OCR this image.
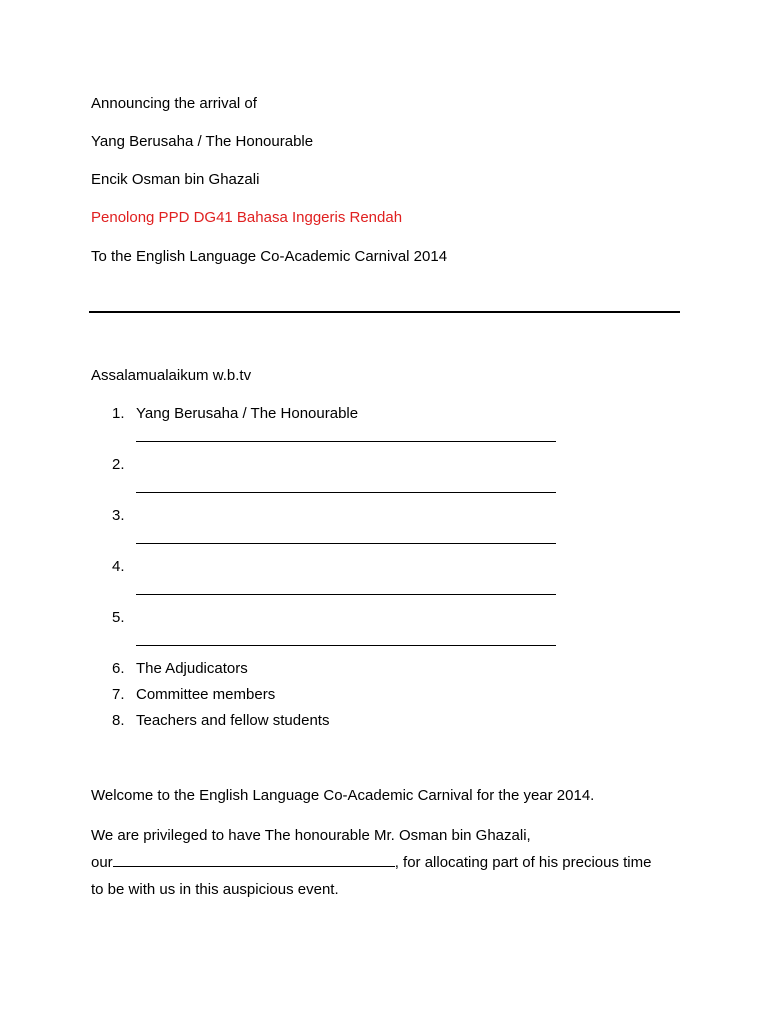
Announcing the arrival of
Yang Berusaha / The Honourable
Encik Osman bin Ghazali
Penolong PPD DG41 Bahasa Inggeris Rendah
To the English Language Co-Academic Carnival 2014
Assalamualaikum w.b.tv
1. Yang Berusaha / The Honourable
2.
3.
4.
5.
6. The Adjudicators
7. Committee members
8. Teachers and fellow students
Welcome to the English Language Co-Academic Carnival for the year 2014.
We are privileged to have The honourable Mr. Osman bin Ghazali,
our	, for allocating part of his precious time
to be with us in this auspicious event.
